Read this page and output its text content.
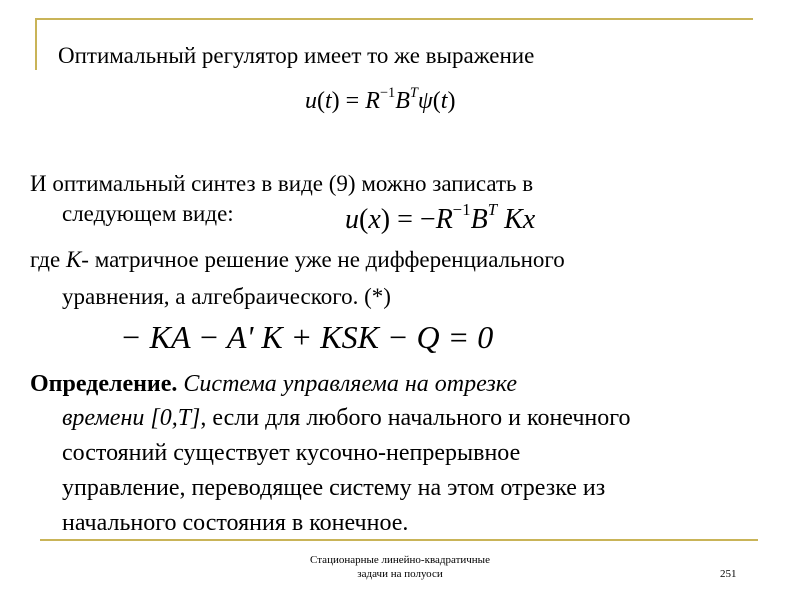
Оптимальный регулятор имеет то же выражение
$u(t) = R^{-1}B^T\psi(t)$
И оптимальный синтез в виде (9) можно записать в
следующем виде:	$u(x) = -R^{-1}B^T$ Kx
где K- матричное решение уже не дифференциального
уравнения, а алгебраического. (*)
− KA − A' K + KSK − Q = 0
Определение. Система управляема на отрезке
времени [0,T], если для любого начального и конечного
состояний существует кусочно-непрерывное
управление, переводящее систему на этом отрезке из
начального состояния в конечное.
Стационарные линейно-квадратичные
задачи на полуоси	251
